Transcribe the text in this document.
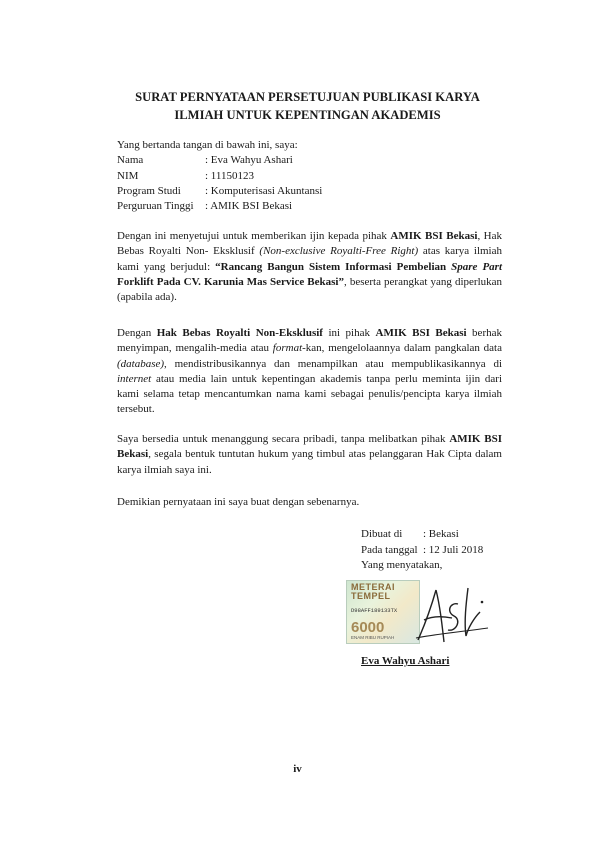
SURAT PERNYATAAN PERSETUJUAN PUBLIKASI KARYA
ILMIAH UNTUK KEPENTINGAN AKADEMIS
Yang bertanda tangan di bawah ini, saya:
Nama	: Eva Wahyu Ashari
NIM	: 11150123
Program Studi	: Komputerisasi Akuntansi
Perguruan Tinggi	: AMIK BSI Bekasi
Dengan ini menyetujui untuk memberikan ijin kepada pihak AMIK BSI Bekasi, Hak Bebas Royalti Non- Eksklusif (Non-exclusive Royalti-Free Right) atas karya ilmiah kami yang berjudul: “Rancang Bangun Sistem Informasi Pembelian Spare Part Forklift Pada CV. Karunia Mas Service Bekasi”, beserta perangkat yang diperlukan (apabila ada).
Dengan Hak Bebas Royalti Non-Eksklusif ini pihak AMIK BSI Bekasi berhak menyimpan, mengalih-media atau format-kan, mengelolaannya dalam pangkalan data (database), mendistribusikannya dan menampilkan atau mempublikasikannya di internet atau media lain untuk kepentingan akademis tanpa perlu meminta ijin dari kami selama tetap mencantumkan nama kami sebagai penulis/pencipta karya ilmiah tersebut.
Saya bersedia untuk menanggung secara pribadi, tanpa melibatkan pihak AMIK BSI Bekasi, segala bentuk tuntutan hukum yang timbul atas pelanggaran Hak Cipta dalam karya ilmiah saya ini.
Demikian pernyataan ini saya buat dengan sebenarnya.
Dibuat di	: Bekasi
Pada tanggal : 12 Juli 2018
Yang menyatakan,
METERAI TEMPEL
D98AFF189133TX
6000
ENAM RIBU RUPIAH
Eva Wahyu Ashari
iv
